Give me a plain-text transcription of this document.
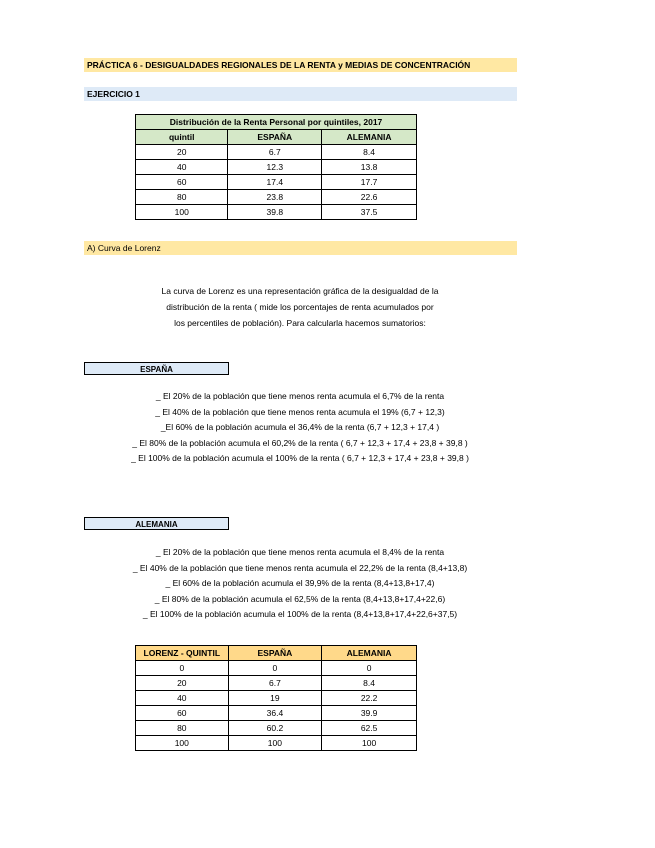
PRÁCTICA 6 - DESIGUALDADES REGIONALES DE LA RENTA y MEDIAS DE CONCENTRACIÓN
EJERCICIO 1
Distribución de la Renta Personal por quintiles, 2017		
quintil	ESPAÑA	ALEMANIA
20	6.7	8.4
40	12.3	13.8
60	17.4	17.7
80	23.8	22.6
100	39.8	37.5
A) Curva de Lorenz
La curva de Lorenz es una representación gráfica de la desigualdad de la
distribución de la renta ( mide los porcentajes de renta acumulados por
los percentiles de población). Para calcularla hacemos sumatorios:
ESPAÑA
_ El 20% de la población que tiene menos renta acumula el 6,7% de la renta
_ El 40% de la población que tiene menos renta acumula el 19% (6,7 + 12,3)
_El 60% de la población acumula el 36,4% de la renta (6,7 + 12,3 + 17,4 )
_ El 80% de la población acumula el 60,2% de la renta ( 6,7 + 12,3 + 17,4 + 23,8 + 39,8 )
_ El 100% de la población acumula el 100% de la renta ( 6,7 + 12,3 + 17,4 + 23,8 + 39,8 )
ALEMANIA
_ El 20% de la población que tiene menos renta acumula el 8,4% de la renta
_ El 40% de la población que tiene menos renta acumula el 22,2% de la renta (8,4+13,8)
_ El 60% de la población acumula el 39,9% de la renta (8,4+13,8+17,4)
_ El 80% de la población acumula el 62,5% de la renta (8,4+13,8+17,4+22,6)
_ El 100% de la población acumula el 100% de la renta (8,4+13,8+17,4+22,6+37,5)
LORENZ - QUINTIL	ESPAÑA	ALEMANIA
0	0	0
20	6.7	8.4
40	19	22.2
60	36.4	39.9
80	60.2	62.5
100	100	100
